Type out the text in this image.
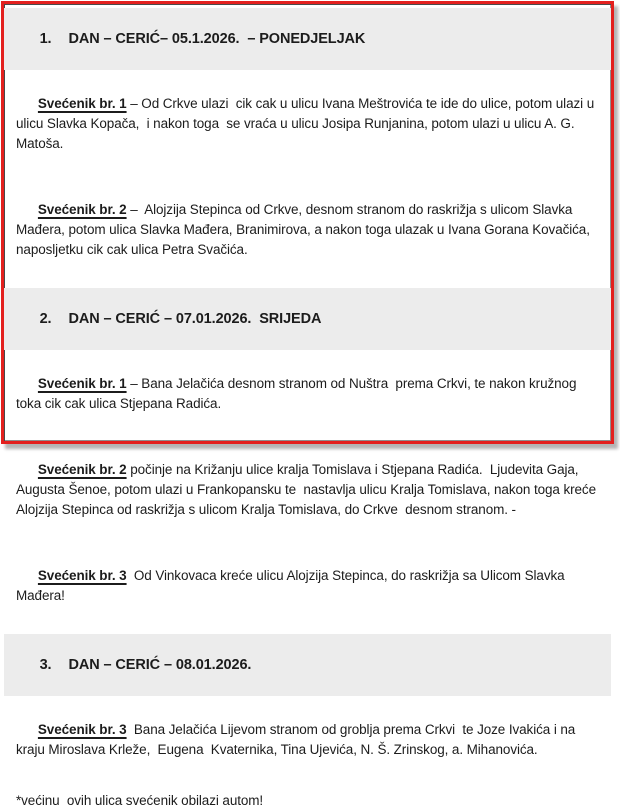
1. DAN – CERIĆ– 05.1.2026.  – PONEDJELJAK

Svećenik br. 1 – Od Crkve ulazi  cik cak u ulicu Ivana Meštrovića te ide do ulice, potom ulazi u ulicu Slavka Kopača,  i nakon toga  se vraća u ulicu Josipa Runjanina, potom ulazi u ulicu A. G. Matoša.

Svećenik br. 2 –  Alojzija Stepinca od Crkve, desnom stranom do raskrižja s ulicom Slavka Mađera, potom ulica Slavka Mađera, Branimirova, a nakon toga ulazak u Ivana Gorana Kovačića, naposljetku cik cak ulica Petra Svačića.

2. DAN – CERIĆ – 07.01.2026.  SRIJEDA

Svećenik br. 1 – Bana Jelačića desnom stranom od Nuštra  prema Crkvi, te nakon kružnog toka cik cak ulica Stjepana Radića.

Svećenik br. 2 počinje na Križanju ulice kralja Tomislava i Stjepana Radića.  Ljudevita Gaja, Augusta Šenoe, potom ulazi u Frankopansku te  nastavlja ulicu Kralja Tomislava, nakon toga kreće Alojzija Stepinca od raskrižja s ulicom Kralja Tomislava, do Crkve  desnom stranom. -

Svećenik br. 3  Od Vinkovaca kreće ulicu Alojzija Stepinca, do raskrižja sa Ulicom Slavka Mađera!

3. DAN – CERIĆ – 08.01.2026.

Svećenik br. 3  Bana Jelačića Lijevom stranom od groblja prema Crkvi  te Joze Ivakića i na kraju Miroslava Krleže,  Eugena  Kvaternika, Tina Ujevića, N. Š. Zrinskog, a. Mihanovića.

*većinu  ovih ulica svećenik obilazi autom!
